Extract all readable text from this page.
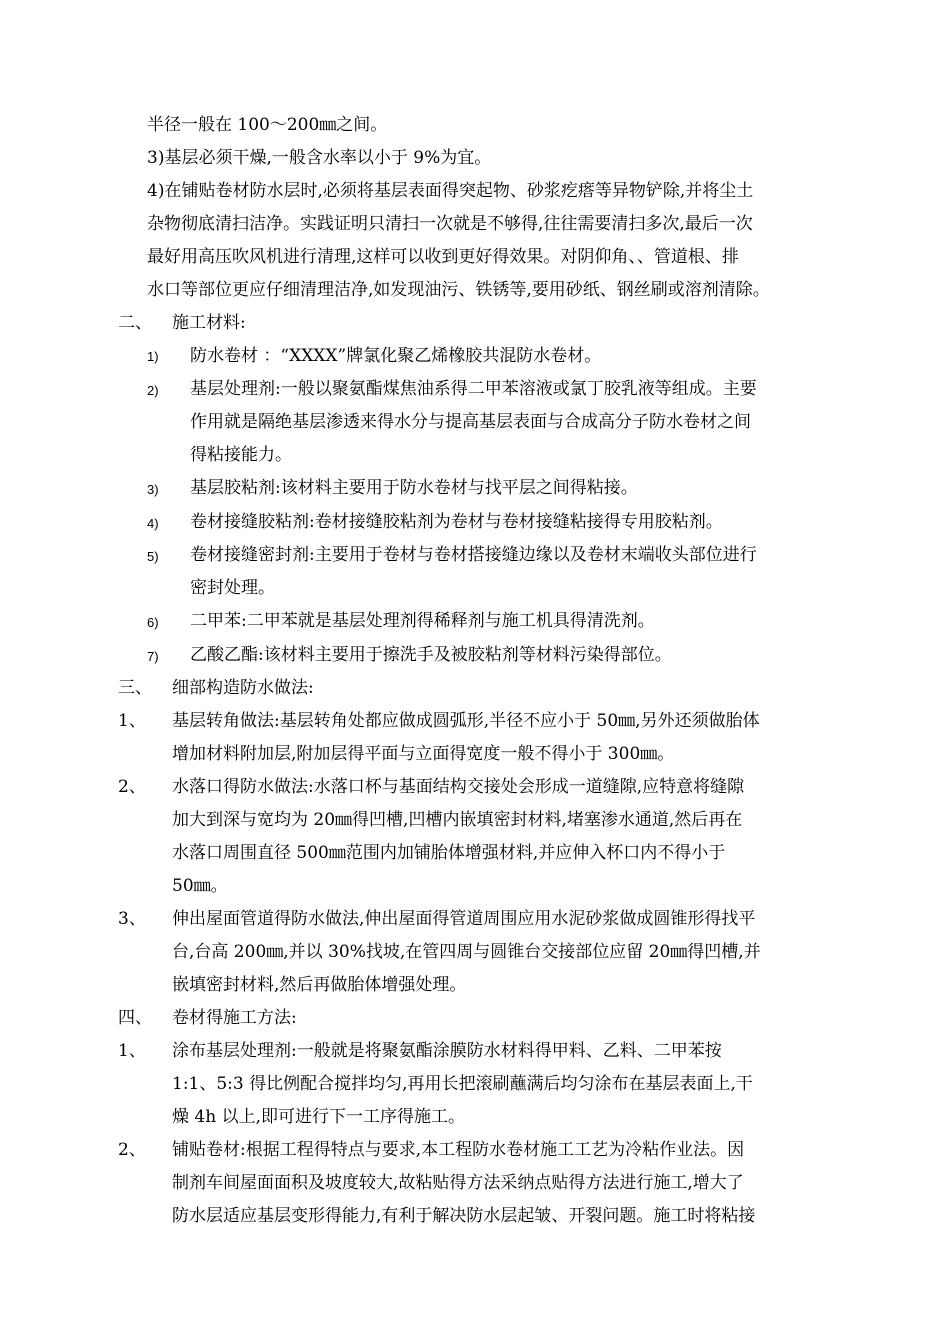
半径一般在 100～200㎜之间。
3)基层必须干燥,一般含水率以小于 9%为宜。
4)在铺贴卷材防水层时,必须将基层表面得突起物、砂浆疙瘩等异物铲除,并将尘土
杂物彻底清扫洁净。实践证明只清扫一次就是不够得,往往需要清扫多次,最后一次
最好用高压吹风机进行清理,这样可以收到更好得效果。对阴仰角、、管道根、排
水口等部位更应仔细清理洁净,如发现油污、铁锈等,要用砂纸、钢丝刷或溶剂清除。
二、 施工材料:
1) 防水卷材 ：“XXXX”牌氯化聚乙烯橡胶共混防水卷材。
2) 基层处理剂:一般以聚氨酯煤焦油系得二甲苯溶液或氯丁胶乳液等组成。主要
作用就是隔绝基层渗透来得水分与提高基层表面与合成高分子防水卷材之间
得粘接能力。
3) 基层胶粘剂:该材料主要用于防水卷材与找平层之间得粘接。
4) 卷材接缝胶粘剂:卷材接缝胶粘剂为卷材与卷材接缝粘接得专用胶粘剂。
5) 卷材接缝密封剂:主要用于卷材与卷材搭接缝边缘以及卷材末端收头部位进行
密封处理。
6) 二甲苯:二甲苯就是基层处理剂得稀释剂与施工机具得清洗剂。
7) 乙酸乙酯:该材料主要用于擦洗手及被胶粘剂等材料污染得部位。
三、 细部构造防水做法:
1、 基层转角做法:基层转角处都应做成圆弧形,半径不应小于 50㎜,另外还须做胎体
增加材料附加层,附加层得平面与立面得宽度一般不得小于 300㎜。
2、 水落口得防水做法:水落口杯与基面结构交接处会形成一道缝隙,应特意将缝隙
加大到深与宽均为 20㎜得凹槽,凹槽内嵌填密封材料,堵塞渗水通道,然后再在
水落口周围直径 500㎜范围内加铺胎体增强材料,并应伸入杯口内不得小于
50㎜。
3、 伸出屋面管道得防水做法,伸出屋面得管道周围应用水泥砂浆做成圆锥形得找平
台,台高 200㎜,并以 30%找坡,在管四周与圆锥台交接部位应留 20㎜得凹槽,并
嵌填密封材料,然后再做胎体增强处理。
四、 卷材得施工方法:
1、 涂布基层处理剂:一般就是将聚氨酯涂膜防水材料得甲料、乙料、二甲苯按
1:1、5:3 得比例配合搅拌均匀,再用长把滚刷蘸满后均匀涂布在基层表面上,干
燥 4h 以上,即可进行下一工序得施工。
2、 铺贴卷材:根据工程得特点与要求,本工程防水卷材施工工艺为冷粘作业法。因
制剂车间屋面面积及坡度较大,故粘贴得方法采纳点贴得方法进行施工,增大了
防水层适应基层变形得能力,有利于解决防水层起皱、开裂问题。施工时将粘接
